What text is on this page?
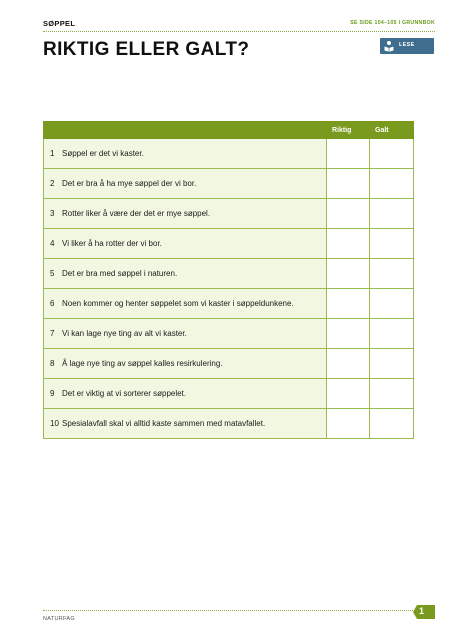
SØPPEL	SE SIDE 104–105 I GRUNNBOK
RIKTIG ELLER GALT?	LESE
	Riktig	Galt
1 Søppel er det vi kaster.		
2 Det er bra å ha mye søppel der vi bor.		
3 Rotter liker å være der det er mye søppel.		
4 Vi liker å ha rotter der vi bor.		
5 Det er bra med søppel i naturen.		
6 Noen kommer og henter søppelet som vi kaster i søppeldunkene.		
7 Vi kan lage nye ting av alt vi kaster.		
8 Å lage nye ting av søppel kalles resirkulering.		
9 Det er viktig at vi sorterer søppelet.		
10 Spesialavfall skal vi alltid kaste sammen med matavfallet.		
NATURFAG
1
